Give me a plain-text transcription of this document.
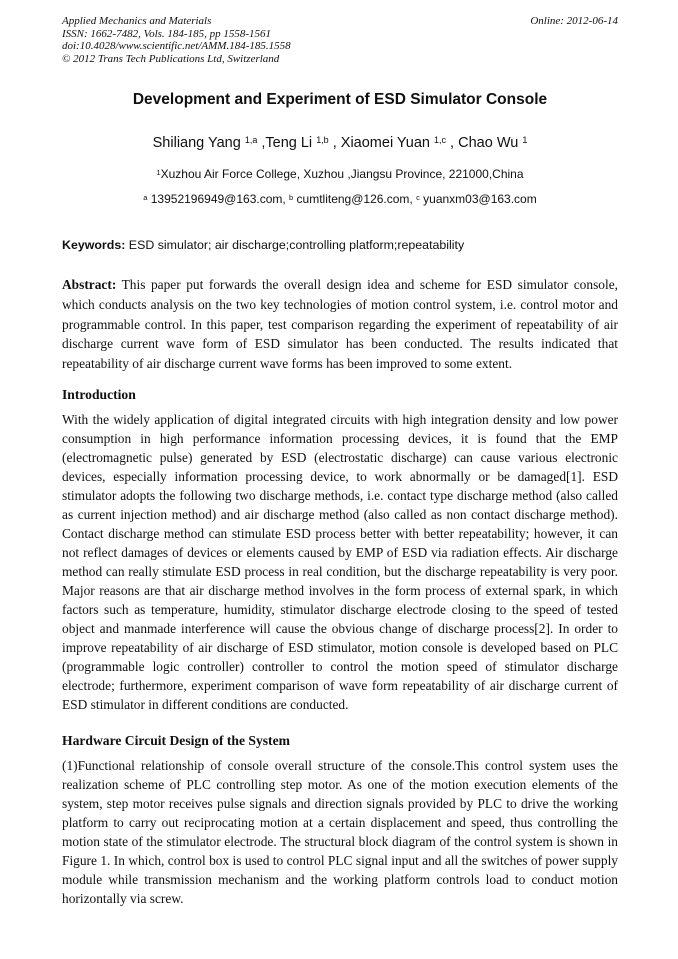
Applied Mechanics and Materials
ISSN: 1662-7482, Vols. 184-185, pp 1558-1561
doi:10.4028/www.scientific.net/AMM.184-185.1558
© 2012 Trans Tech Publications Ltd, Switzerland
Online: 2012-06-14
Development and Experiment of ESD Simulator Console
Shiliang Yang $^{1,a}$ ,Teng Li $^{1,b}$ , Xiaomei Yuan $^{1,c}$ , Chao Wu $^1$
$^1$Xuzhou Air Force College, Xuzhou ,Jiangsu Province, 221000,China
$^a$ 13952196949@163.com, $^b$ cumtliteng@126.com, $^c$ yuanxm03@163.com
Keywords: ESD simulator; air discharge;controlling platform;repeatability
Abstract: This paper put forwards the overall design idea and scheme for ESD simulator console, which conducts analysis on the two key technologies of motion control system, i.e. control motor and programmable control. In this paper, test comparison regarding the experiment of repeatability of air discharge current wave form of ESD simulator has been conducted. The results indicated that repeatability of air discharge current wave forms has been improved to some extent.
Introduction
With the widely application of digital integrated circuits with high integration density and low power consumption in high performance information processing devices, it is found that the EMP (electromagnetic pulse) generated by ESD (electrostatic discharge) can cause various electronic devices, especially information processing device, to work abnormally or be damaged[1]. ESD stimulator adopts the following two discharge methods, i.e. contact type discharge method (also called as current injection method) and air discharge method (also called as non contact discharge method). Contact discharge method can stimulate ESD process better with better repeatability; however, it can not reflect damages of devices or elements caused by EMP of ESD via radiation effects. Air discharge method can really stimulate ESD process in real condition, but the discharge repeatability is very poor. Major reasons are that air discharge method involves in the form process of external spark, in which factors such as temperature, humidity, stimulator discharge electrode closing to the speed of tested object and manmade interference will cause the obvious change of discharge process[2]. In order to improve repeatability of air discharge of ESD stimulator, motion console is developed based on PLC (programmable logic controller) controller to control the motion speed of stimulator discharge electrode; furthermore, experiment comparison of wave form repeatability of air discharge current of ESD stimulator in different conditions are conducted.
Hardware Circuit Design of the System
(1)Functional relationship of console overall structure of the console.This control system uses the realization scheme of PLC controlling step motor. As one of the motion execution elements of the system, step motor receives pulse signals and direction signals provided by PLC to drive the working platform to carry out reciprocating motion at a certain displacement and speed, thus controlling the motion state of the stimulator electrode. The structural block diagram of the control system is shown in Figure 1. In which, control box is used to control PLC signal input and all the switches of power supply module while transmission mechanism and the working platform controls load to conduct motion horizontally via screw.
